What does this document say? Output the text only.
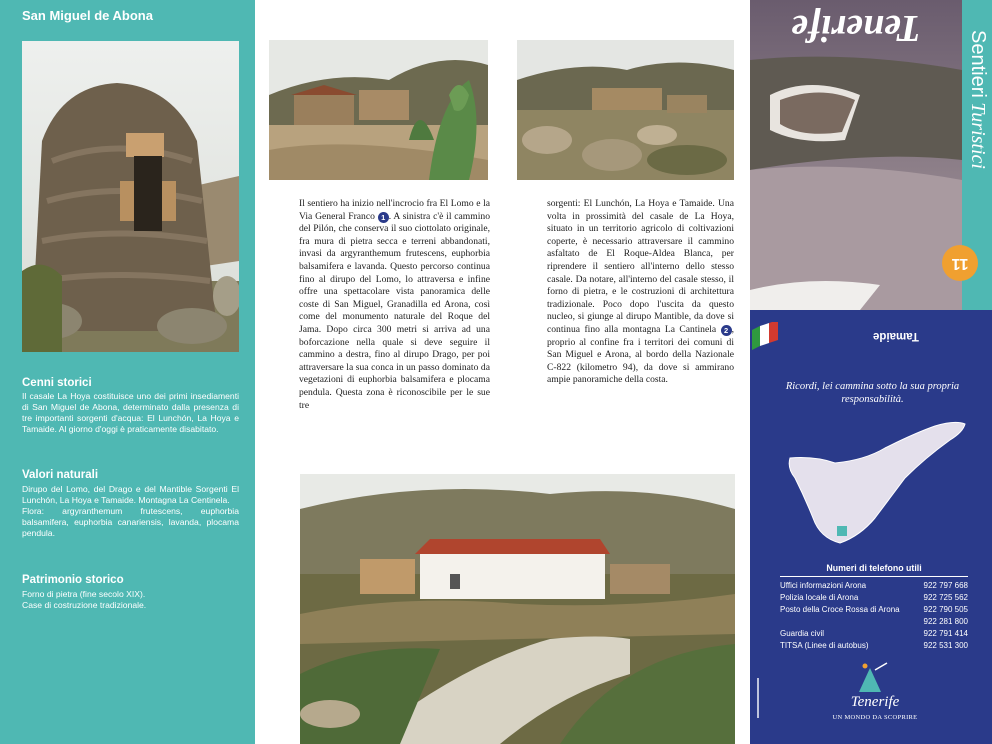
San Miguel de Abona
Cenni storici
Il casale La Hoya costituisce uno dei primi insediamenti di San Miguel de Abona, determinato dalla presenza di tre importanti sorgenti d'acqua: El Lunchón, La Hoya e Tamaide. Al giorno d'oggi è praticamente disabitato.
Valori naturali
Dirupo del Lomo, del Drago e del Mantible Sorgenti El Lunchón, La Hoya e Tamaide. Montagna La Centinela.
Flora: argyranthemum frutescens, euphorbia balsamifera, euphorbia canariensis, lavanda, plocama pendula.
Patrimonio storico
Forno di pietra (fine secolo XIX).
Case di costruzione tradizionale.
Il sentiero ha inizio nell'incrocio fra El Lomo e la Via General Franco 1 . A sinistra c'è il cammino del Pilón, che conserva il suo ciottolato originale, fra mura di pietra secca e terreni abbandonati, invasi da argyranthemum frutescens, euphorbia balsamifera e lavanda. Questo percorso continua fino al dirupo del Lomo, lo attraversa e infine offre una spettacolare vista panoramica delle coste di San Miguel, Granadilla ed Arona, così come del monumento naturale del Roque del Jama. Dopo circa 300 metri si arriva ad una boforcazione nella quale si deve seguire il cammino a destra, fino al dirupo Drago, per poi attraversare la sua conca in un passo dominato da vegetazioni di euphorbia balsamifera e plocama pendula. Questa zona è riconoscibile per le sue tre
sorgenti: El Lunchón, La Hoya e Tamaide. Una volta in prossimità del casale de La Hoya, situato in un territorio agricolo di coltivazioni coperte, è necessario attraversare il cammino asfaltato de El Roque-Aldea Blanca, per riprendere il sentiero all'interno dello stesso casale. Da notare, all'interno del casale stesso, il forno di pietra, e le costruzioni di architettura tradizionale. Poco dopo l'uscita da questo nucleo, si giunge al dirupo Mantible, da dove si continua fino alla montagna La Cantinela 2 , proprio al confine fra i territori dei comuni di San Miguel e Arona, al bordo della Nazionale C-822 (kilometro 94), da dove si ammirano ampie panoramiche della costa.
Tenerife
Sentieri Turistici
11
Tamaide
Ricordi, lei cammina sotto la sua propria responsabilità.
Numeri di telefono utili
Uffici informazioni Arona	922 797 668
Polizia locale di Arona	922 725 562
Posto della Croce Rossa di Arona	922 790 505
922 281 800
Guardia civil	922 791 414
TITSA (Linee di autobus)	922 531 300
Tenerife
UN MONDO DA SCOPRIRE
